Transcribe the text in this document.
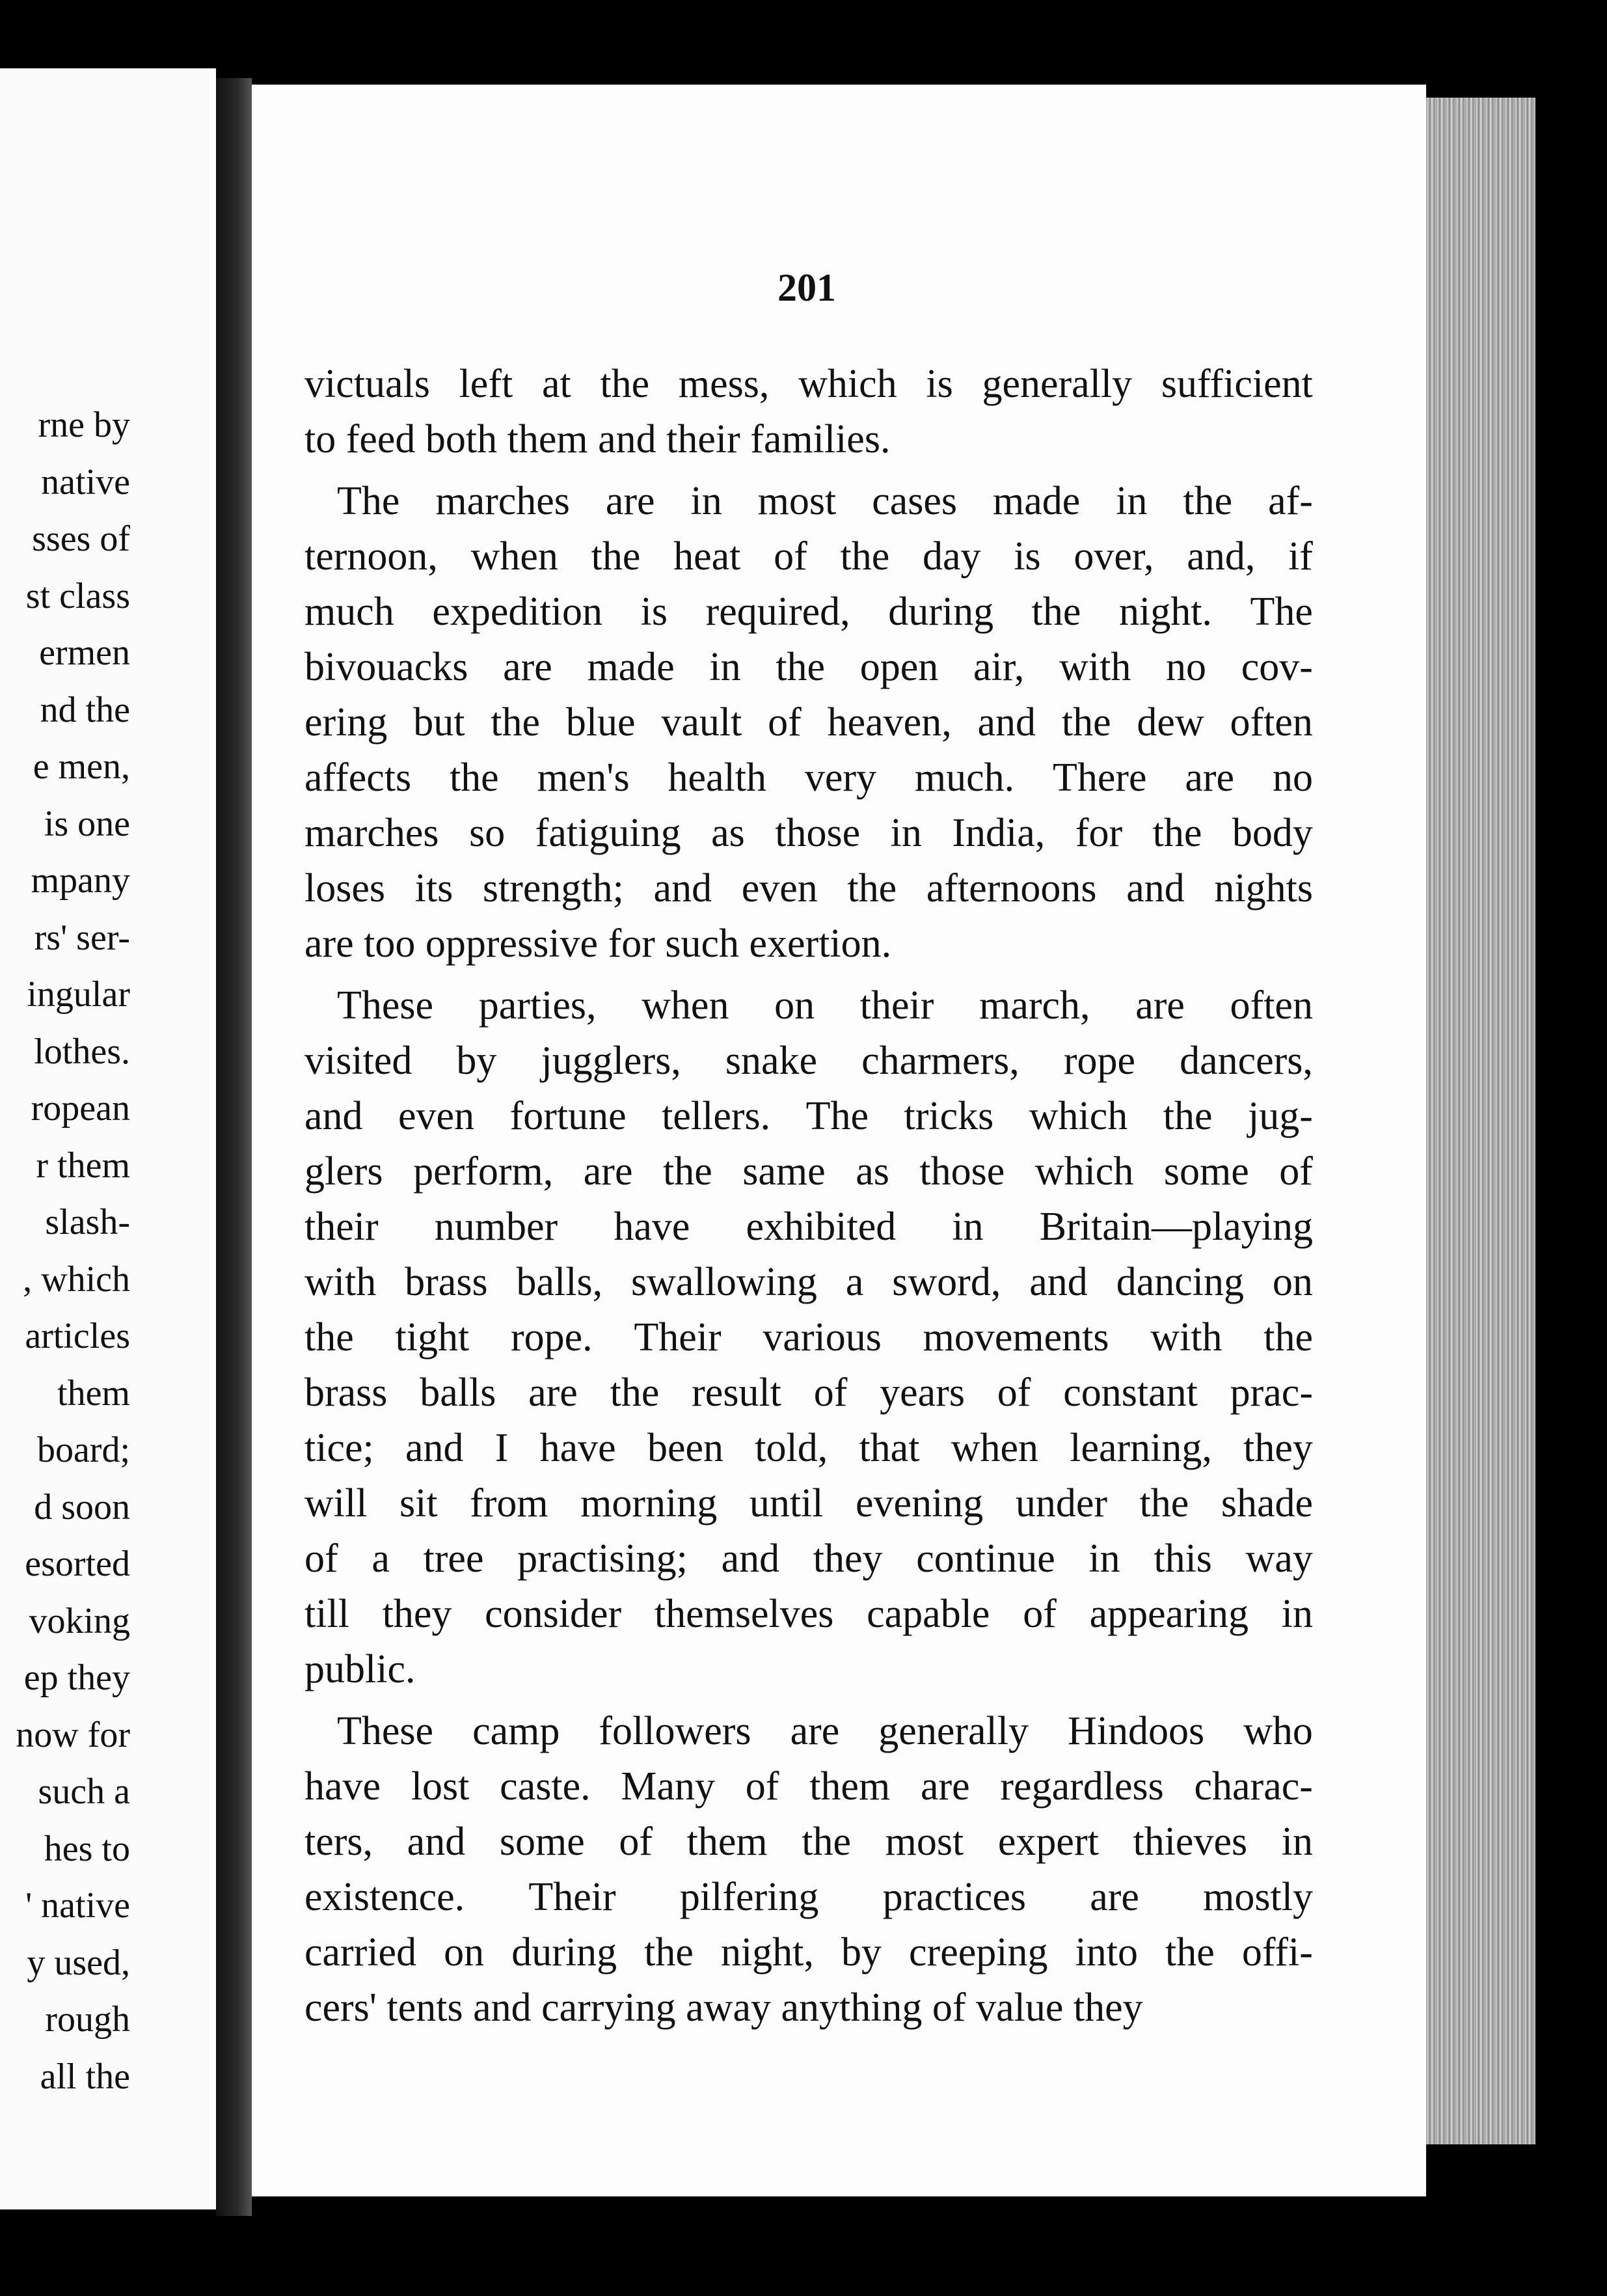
rne by
native
sses of
st class
ermen
nd the
e men,
is one
mpany
rs' ser-
ingular
lothes.
ropean
r them
slash-
, which
articles
them
board;
d soon
esorted
voking
ep they
now for
such a
hes to
' native
y used,
rough
all the
201
victuals left at the mess, which is generally sufficient
to feed both them and their families.
The marches are in most cases made in the af-
ternoon, when the heat of the day is over, and, if
much expedition is required, during the night. The
bivouacks are made in the open air, with no cov-
ering but the blue vault of heaven, and the dew often
affects the men's health very much. There are no
marches so fatiguing as those in India, for the body
loses its strength; and even the afternoons and nights
are too oppressive for such exertion.
These parties, when on their march, are often
visited by jugglers, snake charmers, rope dancers,
and even fortune tellers. The tricks which the jug-
glers perform, are the same as those which some of
their number have exhibited in Britain—playing
with brass balls, swallowing a sword, and dancing on
the tight rope. Their various movements with the
brass balls are the result of years of constant prac-
tice; and I have been told, that when learning, they
will sit from morning until evening under the shade
of a tree practising; and they continue in this way
till they consider themselves capable of appearing in
public.
These camp followers are generally Hindoos who
have lost caste. Many of them are regardless charac-
ters, and some of them the most expert thieves in
existence. Their pilfering practices are mostly
carried on during the night, by creeping into the offi-
cers' tents and carrying away anything of value they
